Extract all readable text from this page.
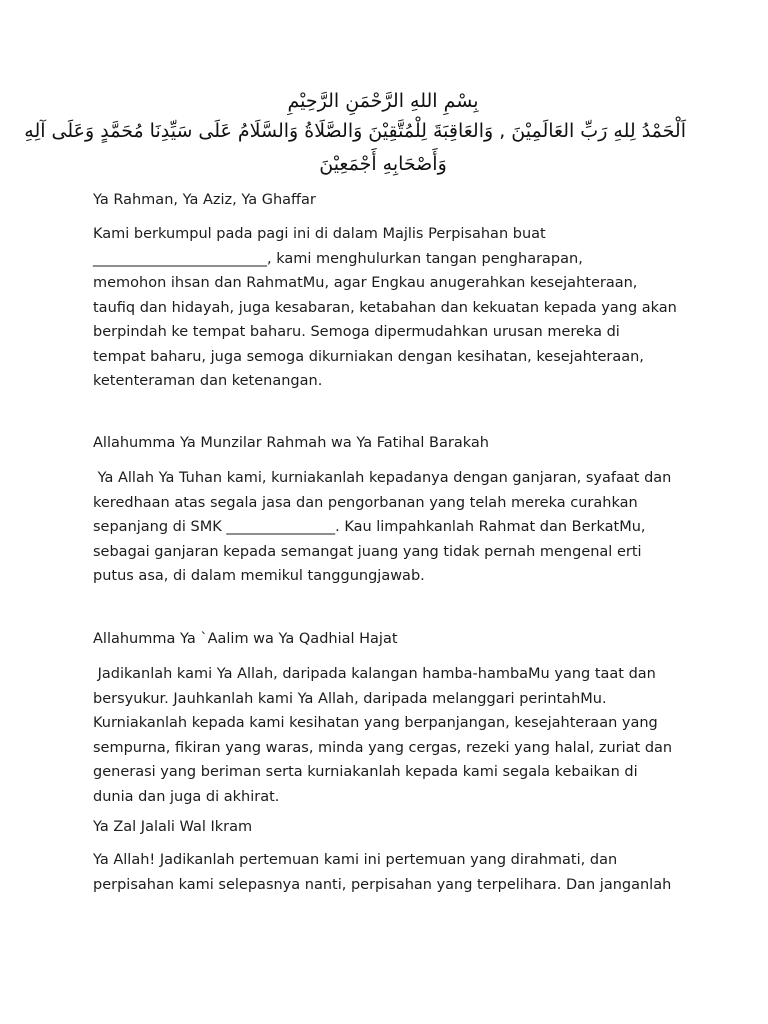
بِسْمِ اللهِ الرَّحْمَنِ الرَّحِيْمِ
اَلْحَمْدُ لِلهِ رَبِّ العَالَمِيْنَ , وَالعَاقِبَةَ لِلْمُتَّقِيْنَ وَالصَّلَاةُ وَالسَّلَامُ عَلَى سَيِّدِنَا مُحَمَّدٍ وَعَلَى آلِهِ
وَأَصْحَابِهِ أَجْمَعِيْنَ
Ya Rahman, Ya Aziz, Ya Ghaffar
Kami berkumpul pada pagi ini di dalam Majlis Perpisahan buat
________________________, kami menghulurkan tangan pengharapan,
memohon ihsan dan RahmatMu, agar Engkau anugerahkan kesejahteraan,
taufiq dan hidayah, juga kesabaran, ketabahan dan kekuatan kepada yang akan
berpindah ke tempat baharu. Semoga dipermudahkan urusan mereka di
tempat baharu, juga semoga dikurniakan dengan kesihatan, kesejahteraan,
ketenteraman dan ketenangan.
Allahumma Ya Munzilar Rahmah wa Ya Fatihal Barakah
Ya Allah Ya Tuhan kami, kurniakanlah kepadanya dengan ganjaran, syafaat dan
keredhaan atas segala jasa dan pengorbanan yang telah mereka curahkan
sepanjang di SMK _______________. Kau limpahkanlah Rahmat dan BerkatMu,
sebagai ganjaran kepada semangat juang yang tidak pernah mengenal erti
putus asa, di dalam memikul tanggungjawab.
Allahumma Ya `Aalim wa Ya Qadhial Hajat
Jadikanlah kami Ya Allah, daripada kalangan hamba-hambaMu yang taat dan
bersyukur. Jauhkanlah kami Ya Allah, daripada melanggari perintahMu.
Kurniakanlah kepada kami kesihatan yang berpanjangan, kesejahteraan yang
sempurna, fikiran yang waras, minda yang cergas, rezeki yang halal, zuriat dan
generasi yang beriman serta kurniakanlah kepada kami segala kebaikan di
dunia dan juga di akhirat.
Ya Zal Jalali Wal Ikram
Ya Allah! Jadikanlah pertemuan kami ini pertemuan yang dirahmati, dan
perpisahan kami selepasnya nanti, perpisahan yang terpelihara. Dan janganlah
